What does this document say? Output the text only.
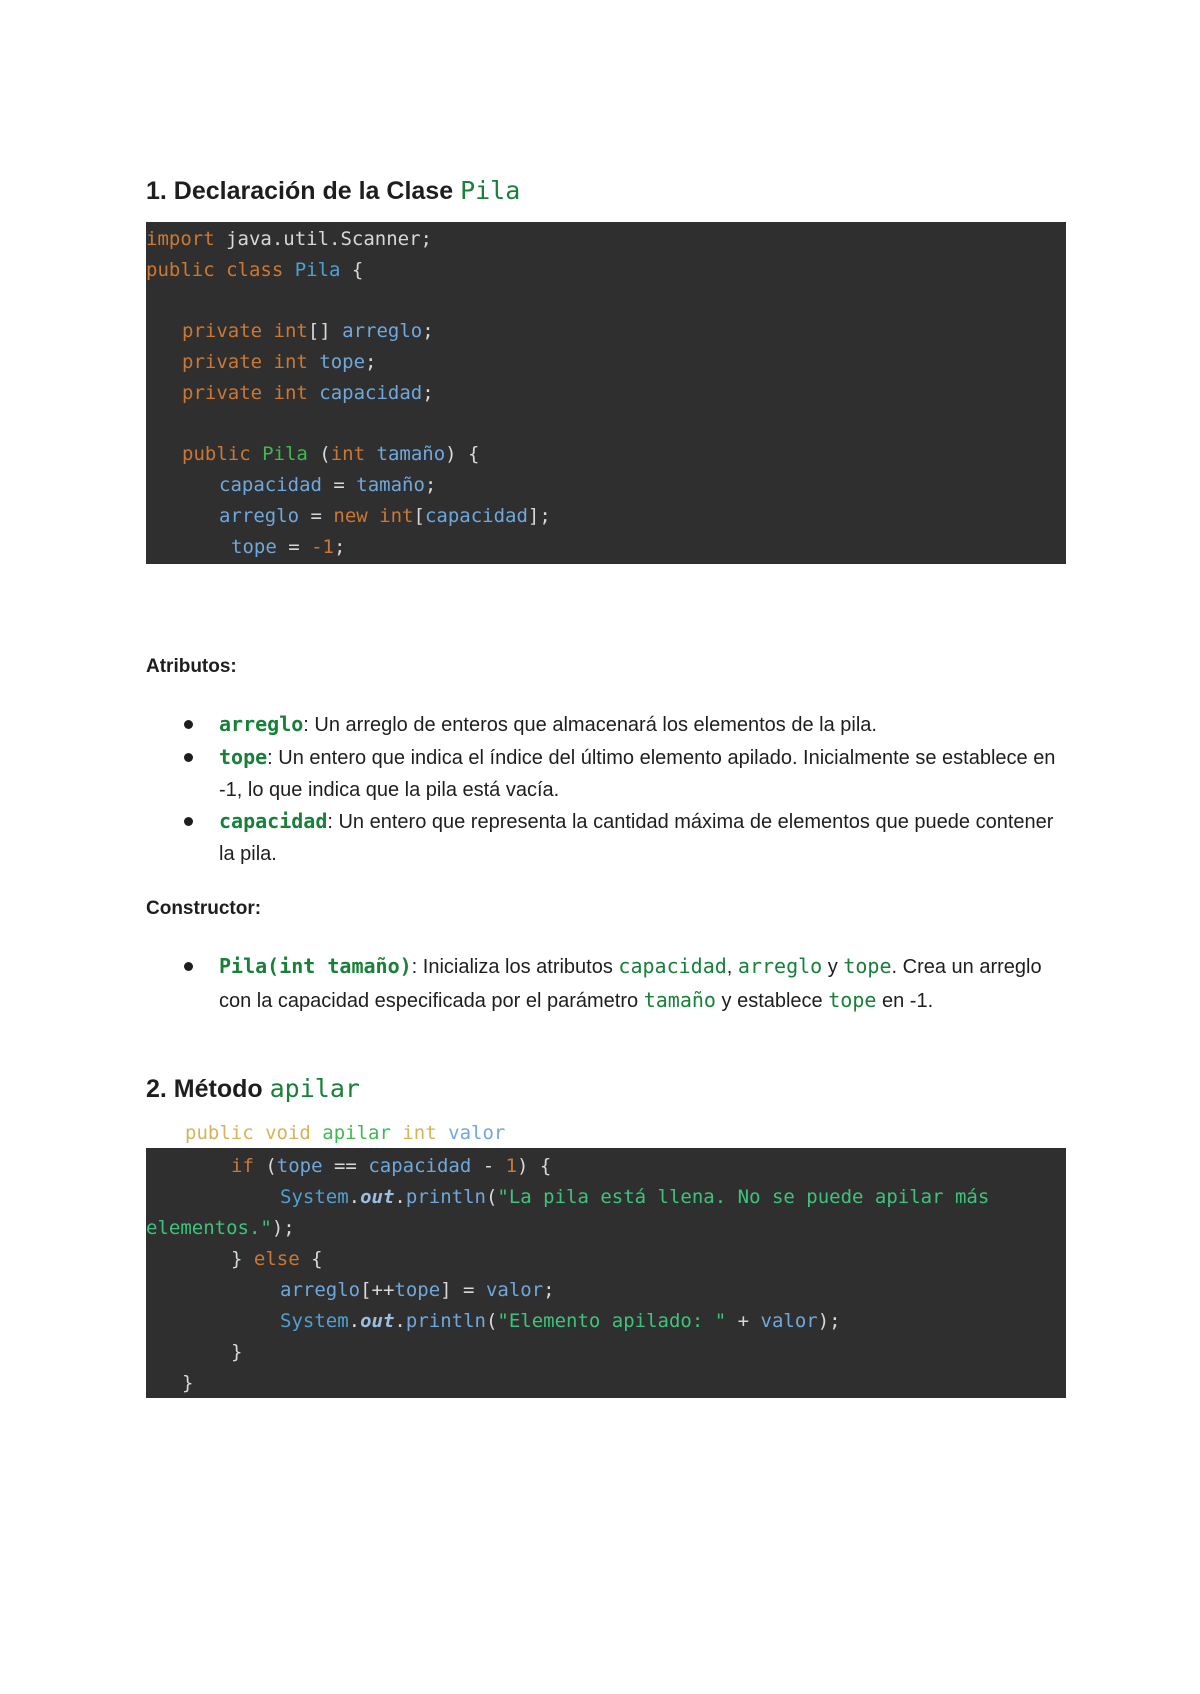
1. Declaración de la Clase Pila
import java.util.Scanner;
public class Pila {
private int[] arreglo;
private int tope;
private int capacidad;
public Pila (int tamaño) {
capacidad = tamaño;
arreglo = new int[capacidad];
tope = -1;

Atributos:

arreglo: Un arreglo de enteros que almacenará los elementos de la pila.
tope: Un entero que indica el índice del último elemento apilado. Inicialmente se establece en -1, lo que indica que la pila está vacía.
capacidad: Un entero que representa la cantidad máxima de elementos que puede contener la pila.

Constructor:

Pila(int tamaño): Inicializa los atributos capacidad, arreglo y tope. Crea un arreglo con la capacidad especificada por el parámetro tamaño y establece tope en -1.
2. Método apilar
public void apilar int valor
if (tope == capacidad - 1) {
System.out.println("La pila está llena. No se puede apilar más
elementos.");
} else {
arreglo[++tope] = valor;
System.out.println("Elemento apilado: " + valor);
}
}
